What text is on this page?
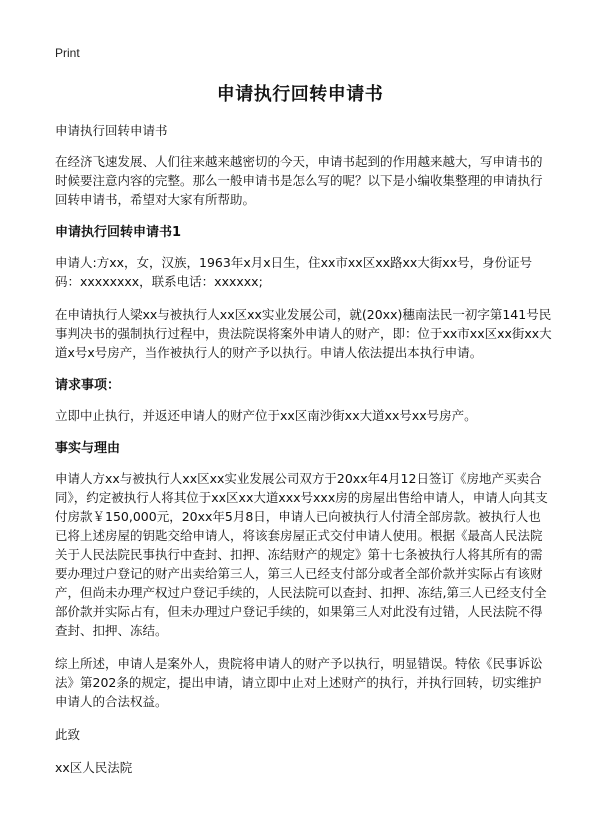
Print
申请执行回转申请书

申请执行回转申请书

在经济飞速发展、人们往来越来越密切的今天，申请书起到的作用越来越大，写申请书的时候要注意内容的完整。那么一般申请书是怎么写的呢？以下是小编收集整理的申请执行回转申请书，希望对大家有所帮助。

申请执行回转申请书1

申请人:方xx，女，汉族，1963年x月x日生，住xx市xx区xx路xx大街xx号，身份证号码：xxxxxxxx，联系电话：xxxxxx;

在申请执行人梁xx与被执行人xx区xx实业发展公司，就(20xx)穗南法民一初字第141号民事判决书的强制执行过程中，贵法院误将案外申请人的财产，即：位于xx市xx区xx街xx大道x号x号房产，当作被执行人的财产予以执行。申请人依法提出本执行申请。

请求事项：

立即中止执行，并返还申请人的财产位于xx区南沙街xx大道xx号xx号房产。

事实与理由

申请人方xx与被执行人xx区xx实业发展公司双方于20xx年4月12日签订《房地产买卖合同》，约定被执行人将其位于xx区xx大道xxx号xxx房的房屋出售给申请人，申请人向其支付房款￥150,000元，20xx年5月8日，申请人已向被执行人付清全部房款。被执行人也已将上述房屋的钥匙交给申请人，将该套房屋正式交付申请人使用。根据《最高人民法院关于人民法院民事执行中查封、扣押、冻结财产的规定》第十七条被执行人将其所有的需要办理过户登记的财产出卖给第三人，第三人已经支付部分或者全部价款并实际占有该财产，但尚未办理产权过户登记手续的，人民法院可以查封、扣押、冻结,第三人已经支付全部价款并实际占有，但未办理过户登记手续的，如果第三人对此没有过错，人民法院不得查封、扣押、冻结。

综上所述，申请人是案外人，贵院将申请人的财产予以执行，明显错误。特依《民事诉讼法》第202条的规定，提出申请，请立即中止对上述财产的执行，并执行回转，切实维护申请人的合法权益。

此致

xx区人民法院
